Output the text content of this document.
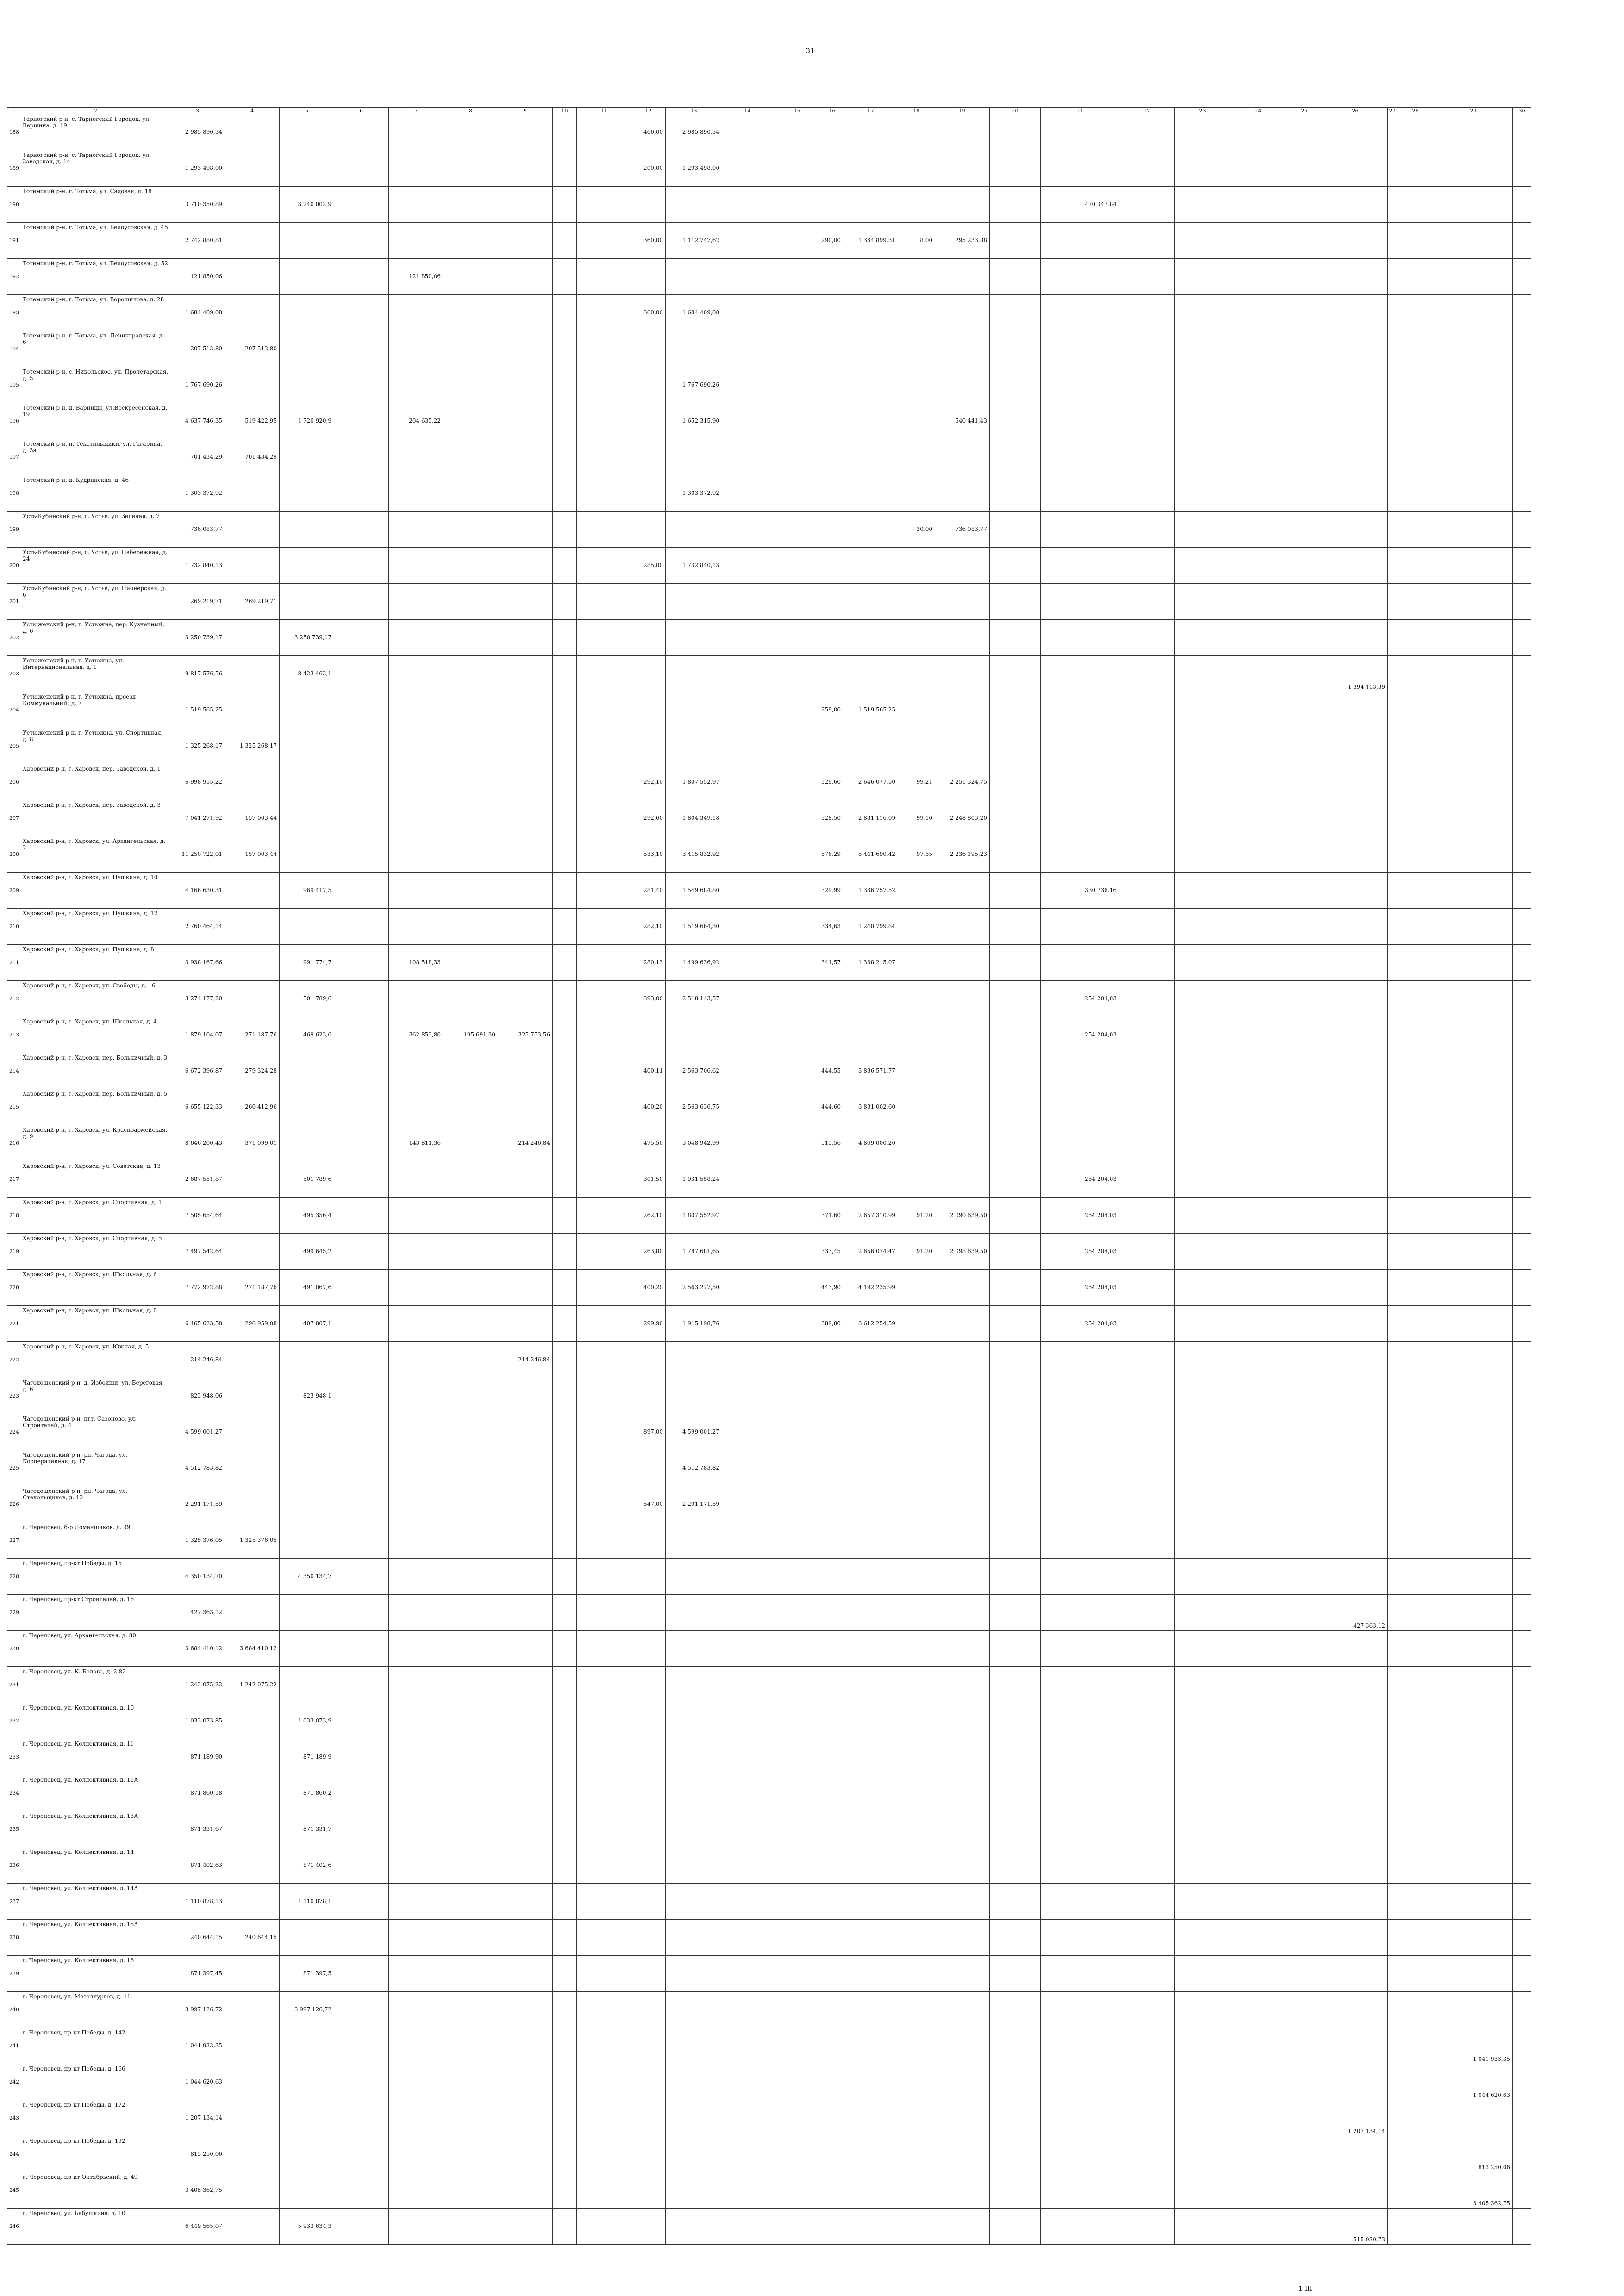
31
1	2	3	4	5	6	7	8	9	10	11	12	13	14	15	16	17	18	19	20	21	22	23	24	25	26	27	28	29	30
188	Тарногский р-н, с. Тарногский Городок, ул. Вершина, д. 19	2 985 890,34									466,00	2 985 890,34																	
189	Тарногский р-н, с. Тарногский Городок, ул. Заводская, д. 14	1 293 498,00									200,00	1 293 498,00																	
190	Тотемский р-н, г. Тотьма, ул. Садовая, д. 18	3 710 350,89		3 240 002,9																470 347,84									
191	Тотемский р-н, г. Тотьма, ул. Белоусовская, д. 45	2 742 880,81									360,00	1 112 747,62			290,00	1 334 899,31	8,00	295 233,88											
192	Тотемский р-н, г. Тотьма, ул. Белоусовская, д. 52	121 850,06				121 850,06																							
193	Тотемский р-н, г. Тотьма, ул. Ворошилова, д. 28	1 684 409,08									360,00	1 684 409,08																	
194	Тотемский р-н, г. Тотьма, ул. Ленинградская, д. 6	207 513,80	207 513,80																										
195	Тотемский р-н, с. Никольское, ул. Пролетарская, д. 5	1 767 690,26										1 767 690,26																	
196	Тотемский р-н, д. Варницы, ул.Воскресенская, д. 19	4 637 746,35	519 422,95	1 720 920,9		204 635,22						1 652 315,90						540 441,43											
197	Тотемский р-н, п. Текстильщики, ул. Гагарина, д. 3а	701 434,29	701 434,29																										
198	Тотемский р-н, д. Кудринская, д. 46	1 303 372,92										1 303 372,92																	
199	Усть-Кубинский р-н, с. Устье, ул. Зеленая, д. 7	736 083,77															30,00	736 083,77											
200	Усть-Кубинский р-н, с. Устье, ул. Набережная, д. 24	1 732 840,13									285,00	1 732 840,13																	
201	Усть-Кубинский р-н, с. Устье, ул. Пионерская, д. 6	269 219,71	269 219,71																										
202	Устюженский р-н, г. Устюжна, пер. Кузнечный, д. 6	3 250 739,17		3 250 739,17																									
203	Устюженский р-н, г. Устюжна, ул. Интернациональная, д. 1	9 817 576,56		8 423 463,1																					1 394 113,39				
204	Устюженский р-н, г. Устюжна, проезд Коммунальный, д. 7	1 519 565,25													259,00	1 519 565,25													
205	Устюженский р-н, г. Устюжна, ул. Спортивная, д. 8	1 325 268,17	1 325 268,17																										
206	Харовский р-н, г. Харовск, пер. Заводской, д. 1	6 998 955,22									292,10	1 807 552,97			329,60	2 646 077,50	99,21	2 251 324,75											
207	Харовский р-н, г. Харовск, пер. Заводской, д. 3	7 041 271,92	157 003,44								292,60	1 804 349,18			328,50	2 831 116,09	99,10	2 248 803,20											
208	Харовский р-н, г. Харовск, ул. Архангельская, д. 2	11 250 722,01	157 003,44								533,10	3 415 832,92			576,29	5 441 690,42	97,55	2 236 195,23											
209	Харовский р-н, г. Харовск, ул. Пушкина, д. 10	4 166 630,31		969 417,5							281,40	1 549 684,80			329,99	1 336 757,52				330 736,16									
210	Харовский р-н, г. Харовск, ул. Пушкина, д. 12	2 760 464,14									282,10	1 519 664,30			334,63	1 240 799,84													
211	Харовский р-н, г. Харовск, ул. Пушкина, д. 8	3 938 167,66		991 774,7		108 518,33					280,13	1 499 636,92			341,57	1 338 215,07													
212	Харовский р-н, г. Харовск, ул. Свободы, д. 16	3 274 177,20		501 789,6							393,00	2 518 143,57								254 204,03									
213	Харовский р-н, г. Харовск, ул. Школьная, д. 4	1 879 104,07	271 187,76	469 623,6		362 853,80	195 691,30	325 753,56												254 204,03									
214	Харовский р-н, г. Харовск, пер. Больничный, д. 3	6 672 396,87	279 324,28								400,11	2 563 706,62			444,55	3 836 571,77													
215	Харовский р-н, г. Харовск, пер. Больничный, д. 5	6 655 122,33	260 412,96								400,20	2 563 636,75			444,60	3 831 002,60													
216	Харовский р-н, г. Харовск, ул. Красноармейская, д. 9	8 646 200,43	371 099,01			143 811,36		214 246,84			475,50	3 048 942,99			515,56	4 869 000,20													
217	Харовский р-н, г. Харовск, ул. Советская, д. 13	2 687 551,87		501 789,6							301,50	1 931 558,24								254 204,03									
218	Харовский р-н, г. Харовск, ул. Спортивная, д. 1	7 505 654,64		495 356,4							262,10	1 807 552,97			371,60	2 657 310,99	91,20	2 090 639,50		254 204,03									
219	Харовский р-н, г. Харовск, ул. Спортивная, д. 5	7 497 542,64		499 645,2							263,80	1 787 681,65			333,45	2 656 074,47	91,20	2 098 639,50		254 204,03									
220	Харовский р-н, г. Харовск, ул. Школьная, д. 6	7 772 972,88	271 187,76	491 067,6							400,20	2 563 277,50			443,90	4 192 235,99				254 204,03									
221	Харовский р-н, г. Харовск, ул. Школьная, д. 8	6 465 623,58	296 959,08	407 007,1							299,90	1 915 198,76			389,80	3 612 254,59				254 204,03									
222	Харовский р-н, г. Харовск, ул. Южная, д. 5	214 246,84						214 246,84																					
223	Чагодощенский р-н, д. Избоищи, ул. Береговая, д. 6	823 948,06		823 948,1																									
224	Чагодощенский р-н, пгт. Сазоново, ул. Строителей, д. 4	4 599 001,27									897,00	4 599 001,27																	
225	Чагодощенский р-н, рп. Чагода, ул. Кооперативная, д. 17	4 512 783,82										4 512 783,82																	
226	Чагодощенский р-н, рп. Чагода, ул. Стекольщиков, д. 13	2 291 171,59									547,00	2 291 171,59																	
227	г. Череповец, б-р Доменщиков, д. 39	1 325 376,05	1 325 376,05																										
228	г. Череповец, пр-кт Победы, д. 15	4 350 134,70		4 350 134,7																									
229	г. Череповец, пр-кт Строителей, д. 16	427 363,12																							427 363,12				
230	г. Череповец, ул. Архангельская, д. 80	3 684 410,12	3 684 410,12																										
231	г. Череповец, ул. К. Белова, д. 2 82	1 242 075,22	1 242 075,22																										
232	г. Череповец, ул. Коллективная, д. 10	1 033 073,85		1 033 073,9																									
233	г. Череповец, ул. Коллективная, д. 11	871 189,90		871 189,9																									
234	г. Череповец, ул. Коллективная, д. 11А	871 860,18		871 860,2																									
235	г. Череповец, ул. Коллективная, д. 13А	871 331,67		871 331,7																									
236	г. Череповец, ул. Коллективная, д. 14	871 402,63		871 402,6																									
237	г. Череповец, ул. Коллективная, д. 14А	1 110 878,13		1 110 878,1																									
238	г. Череповец, ул. Коллективная, д. 15А	240 644,15	240 644,15																										
239	г. Череповец, ул. Коллективная, д. 16	871 397,45		871 397,5																									
240	г. Череповец, ул. Металлургов, д. 11	3 997 126,72		3 997 126,72																									
241	г. Череповец, пр-кт Победы, д. 142	1 041 933,35																										1 041 933,35	
242	г. Череповец, пр-кт Победы, д. 166	1 044 620,63																										1 044 620,63	
243	г. Череповец, пр-кт Победы, д. 172	1 207 134,14																							1 207 134,14				
244	г. Череповец, пр-кт Победы, д. 192	813 250,06																										813 250,06	
245	г. Череповец, пр-кт Октябрьский, д. 49	3 405 362,75																										3 405 362,75	
246	г. Череповец, ул. Бабушкина, д. 10	6 449 565,07		5 933 634,3																					515 930,73				
1 lll
